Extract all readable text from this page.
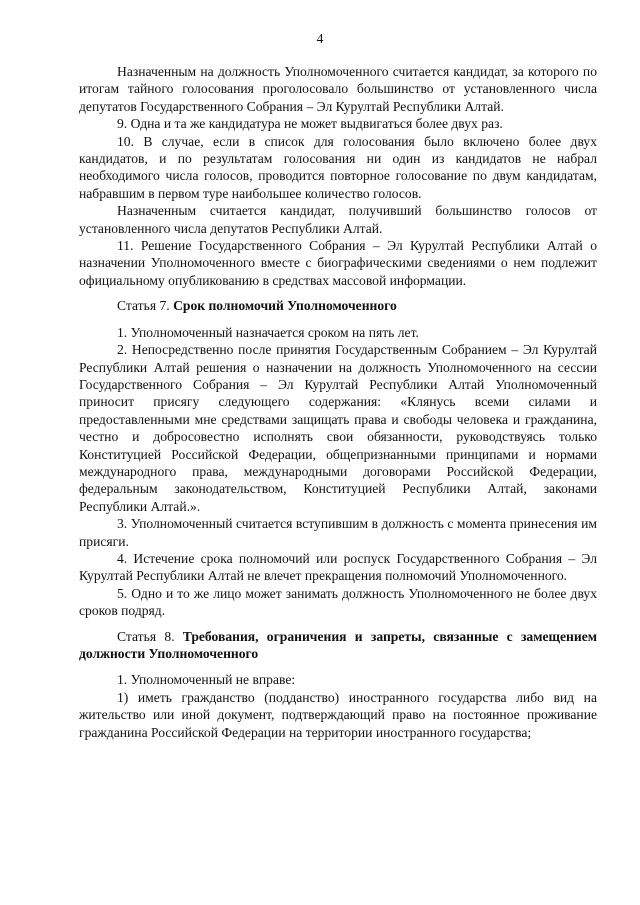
4

Назначенным на должность Уполномоченного считается кандидат, за которого по итогам тайного голосования проголосовало большинство от установленного числа депутатов Государственного Собрания – Эл Курултай Республики Алтай.

9. Одна и та же кандидатура не может выдвигаться более двух раз.

10. В случае, если в список для голосования было включено более двух кандидатов, и по результатам голосования ни один из кандидатов не набрал необходимого числа голосов, проводится повторное голосование по двум кандидатам, набравшим в первом туре наибольшее количество голосов.

Назначенным считается кандидат, получивший большинство голосов от установленного числа депутатов Республики Алтай.

11. Решение Государственного Собрания – Эл Курултай Республики Алтай о назначении Уполномоченного вместе с биографическими сведениями о нем подлежит официальному опубликованию в средствах массовой информации.

Статья 7. Срок полномочий Уполномоченного

1. Уполномоченный назначается сроком на пять лет.

2. Непосредственно после принятия Государственным Собранием – Эл Курултай Республики Алтай решения о назначении на должность Уполномоченного на сессии Государственного Собрания – Эл Курултай Республики Алтай Уполномоченный приносит присягу следующего содержания: «Клянусь всеми силами и предоставленными мне средствами защищать права и свободы человека и гражданина, честно и добросовестно исполнять свои обязанности, руководствуясь только Конституцией Российской Федерации, общепризнанными принципами и нормами международного права, международными договорами Российской Федерации, федеральным законодательством, Конституцией Республики Алтай, законами Республики Алтай.».

3. Уполномоченный считается вступившим в должность с момента принесения им присяги.

4. Истечение срока полномочий или роспуск Государственного Собрания – Эл Курултай Республики Алтай не влечет прекращения полномочий Уполномоченного.

5. Одно и то же лицо может занимать должность Уполномоченного не более двух сроков подряд.

Статья 8. Требования, ограничения и запреты, связанные с замещением должности Уполномоченного

1. Уполномоченный не вправе:

1) иметь гражданство (подданство) иностранного государства либо вид на жительство или иной документ, подтверждающий право на постоянное проживание гражданина Российской Федерации на территории иностранного государства;
